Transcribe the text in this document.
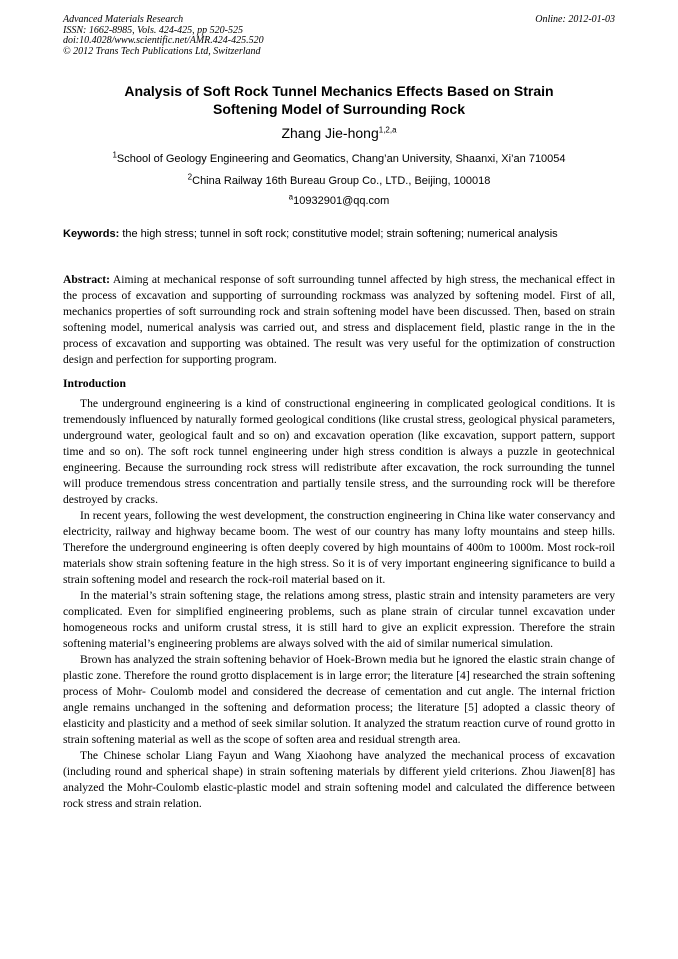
Advanced Materials Research
ISSN: 1662-8985, Vols. 424-425, pp 520-525
doi:10.4028/www.scientific.net/AMR.424-425.520
© 2012 Trans Tech Publications Ltd, Switzerland
Online: 2012-01-03
Analysis of Soft Rock Tunnel Mechanics Effects Based on Strain
Softening Model of Surrounding Rock
Zhang Jie-hong$^{1,2,a}$
$^1$School of Geology Engineering and Geomatics, Chang’an University, Shaanxi, Xi’an 710054
$^2$China Railway 16th Bureau Group Co., LTD., Beijing, 100018
$^a$10932901@qq.com
Keywords: the high stress; tunnel in soft rock; constitutive model; strain softening; numerical analysis

Abstract: Aiming at mechanical response of soft surrounding tunnel affected by high stress, the mechanical effect in the process of excavation and supporting of surrounding rockmass was analyzed by softening model. First of all, mechanics properties of soft surrounding rock and strain softening model have been discussed. Then, based on strain softening model, numerical analysis was carried out, and stress and displacement field, plastic range in the in the process of excavation and supporting was obtained. The result was very useful for the optimization of construction design and perfection for supporting program.

Introduction

The underground engineering is a kind of constructional engineering in complicated geological conditions. It is tremendously influenced by naturally formed geological conditions (like crustal stress, geological physical parameters, underground water, geological fault and so on) and excavation operation (like excavation, support pattern, support time and so on). The soft rock tunnel engineering under high stress condition is always a puzzle in geotechnical engineering. Because the surrounding rock stress will redistribute after excavation, the rock surrounding the tunnel will produce tremendous stress concentration and partially tensile stress, and the surrounding rock will be therefore destroyed by cracks.

In recent years, following the west development, the construction engineering in China like water conservancy and electricity, railway and highway became boom. The west of our country has many lofty mountains and steep hills. Therefore the underground engineering is often deeply covered by high mountains of 400m to 1000m. Most rock-roil materials show strain softening feature in the high stress. So it is of very important engineering significance to build a strain softening model and research the rock-roil material based on it.

In the material’s strain softening stage, the relations among stress, plastic strain and intensity parameters are very complicated. Even for simplified engineering problems, such as plane strain of circular tunnel excavation under homogeneous rocks and uniform crustal stress, it is still hard to give an explicit expression. Therefore the strain softening material’s engineering problems are always solved with the aid of similar numerical simulation.

Brown has analyzed the strain softening behavior of Hoek-Brown media but he ignored the elastic strain change of plastic zone. Therefore the round grotto displacement is in large error; the literature [4] researched the strain softening process of Mohr- Coulomb model and considered the decrease of cementation and cut angle. The internal friction angle remains unchanged in the softening and deformation process; the literature [5] adopted a classic theory of elasticity and plasticity and a method of seek similar solution. It analyzed the stratum reaction curve of round grotto in strain softening material as well as the scope of soften area and residual strength area.

The Chinese scholar Liang Fayun and Wang Xiaohong have analyzed the mechanical process of excavation (including round and spherical shape) in strain softening materials by different yield criterions. Zhou Jiawen[8] has analyzed the Mohr-Coulomb elastic-plastic model and strain softening model and calculated the difference between rock stress and strain relation.
